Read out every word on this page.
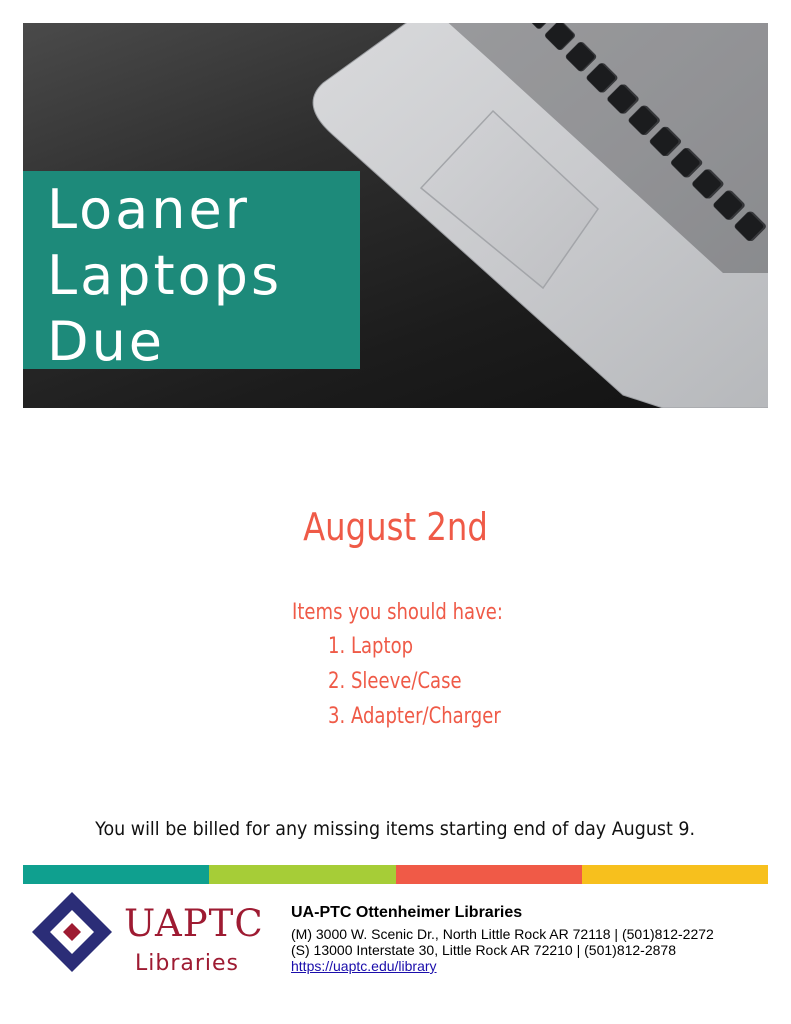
Loaner
Laptops
Due
August 2nd
Items you should have:
1. Laptop
2. Sleeve/Case
3. Adapter/Charger
You will be billed for any missing items starting end of day August 9.
UAPTC
Libraries
UA-PTC Ottenheimer Libraries
(M) 3000 W. Scenic Dr., North Little Rock AR 72118 | (501)812-2272
(S) 13000 Interstate 30, Little Rock AR 72210 | (501)812-2878
https://uaptc.edu/library
